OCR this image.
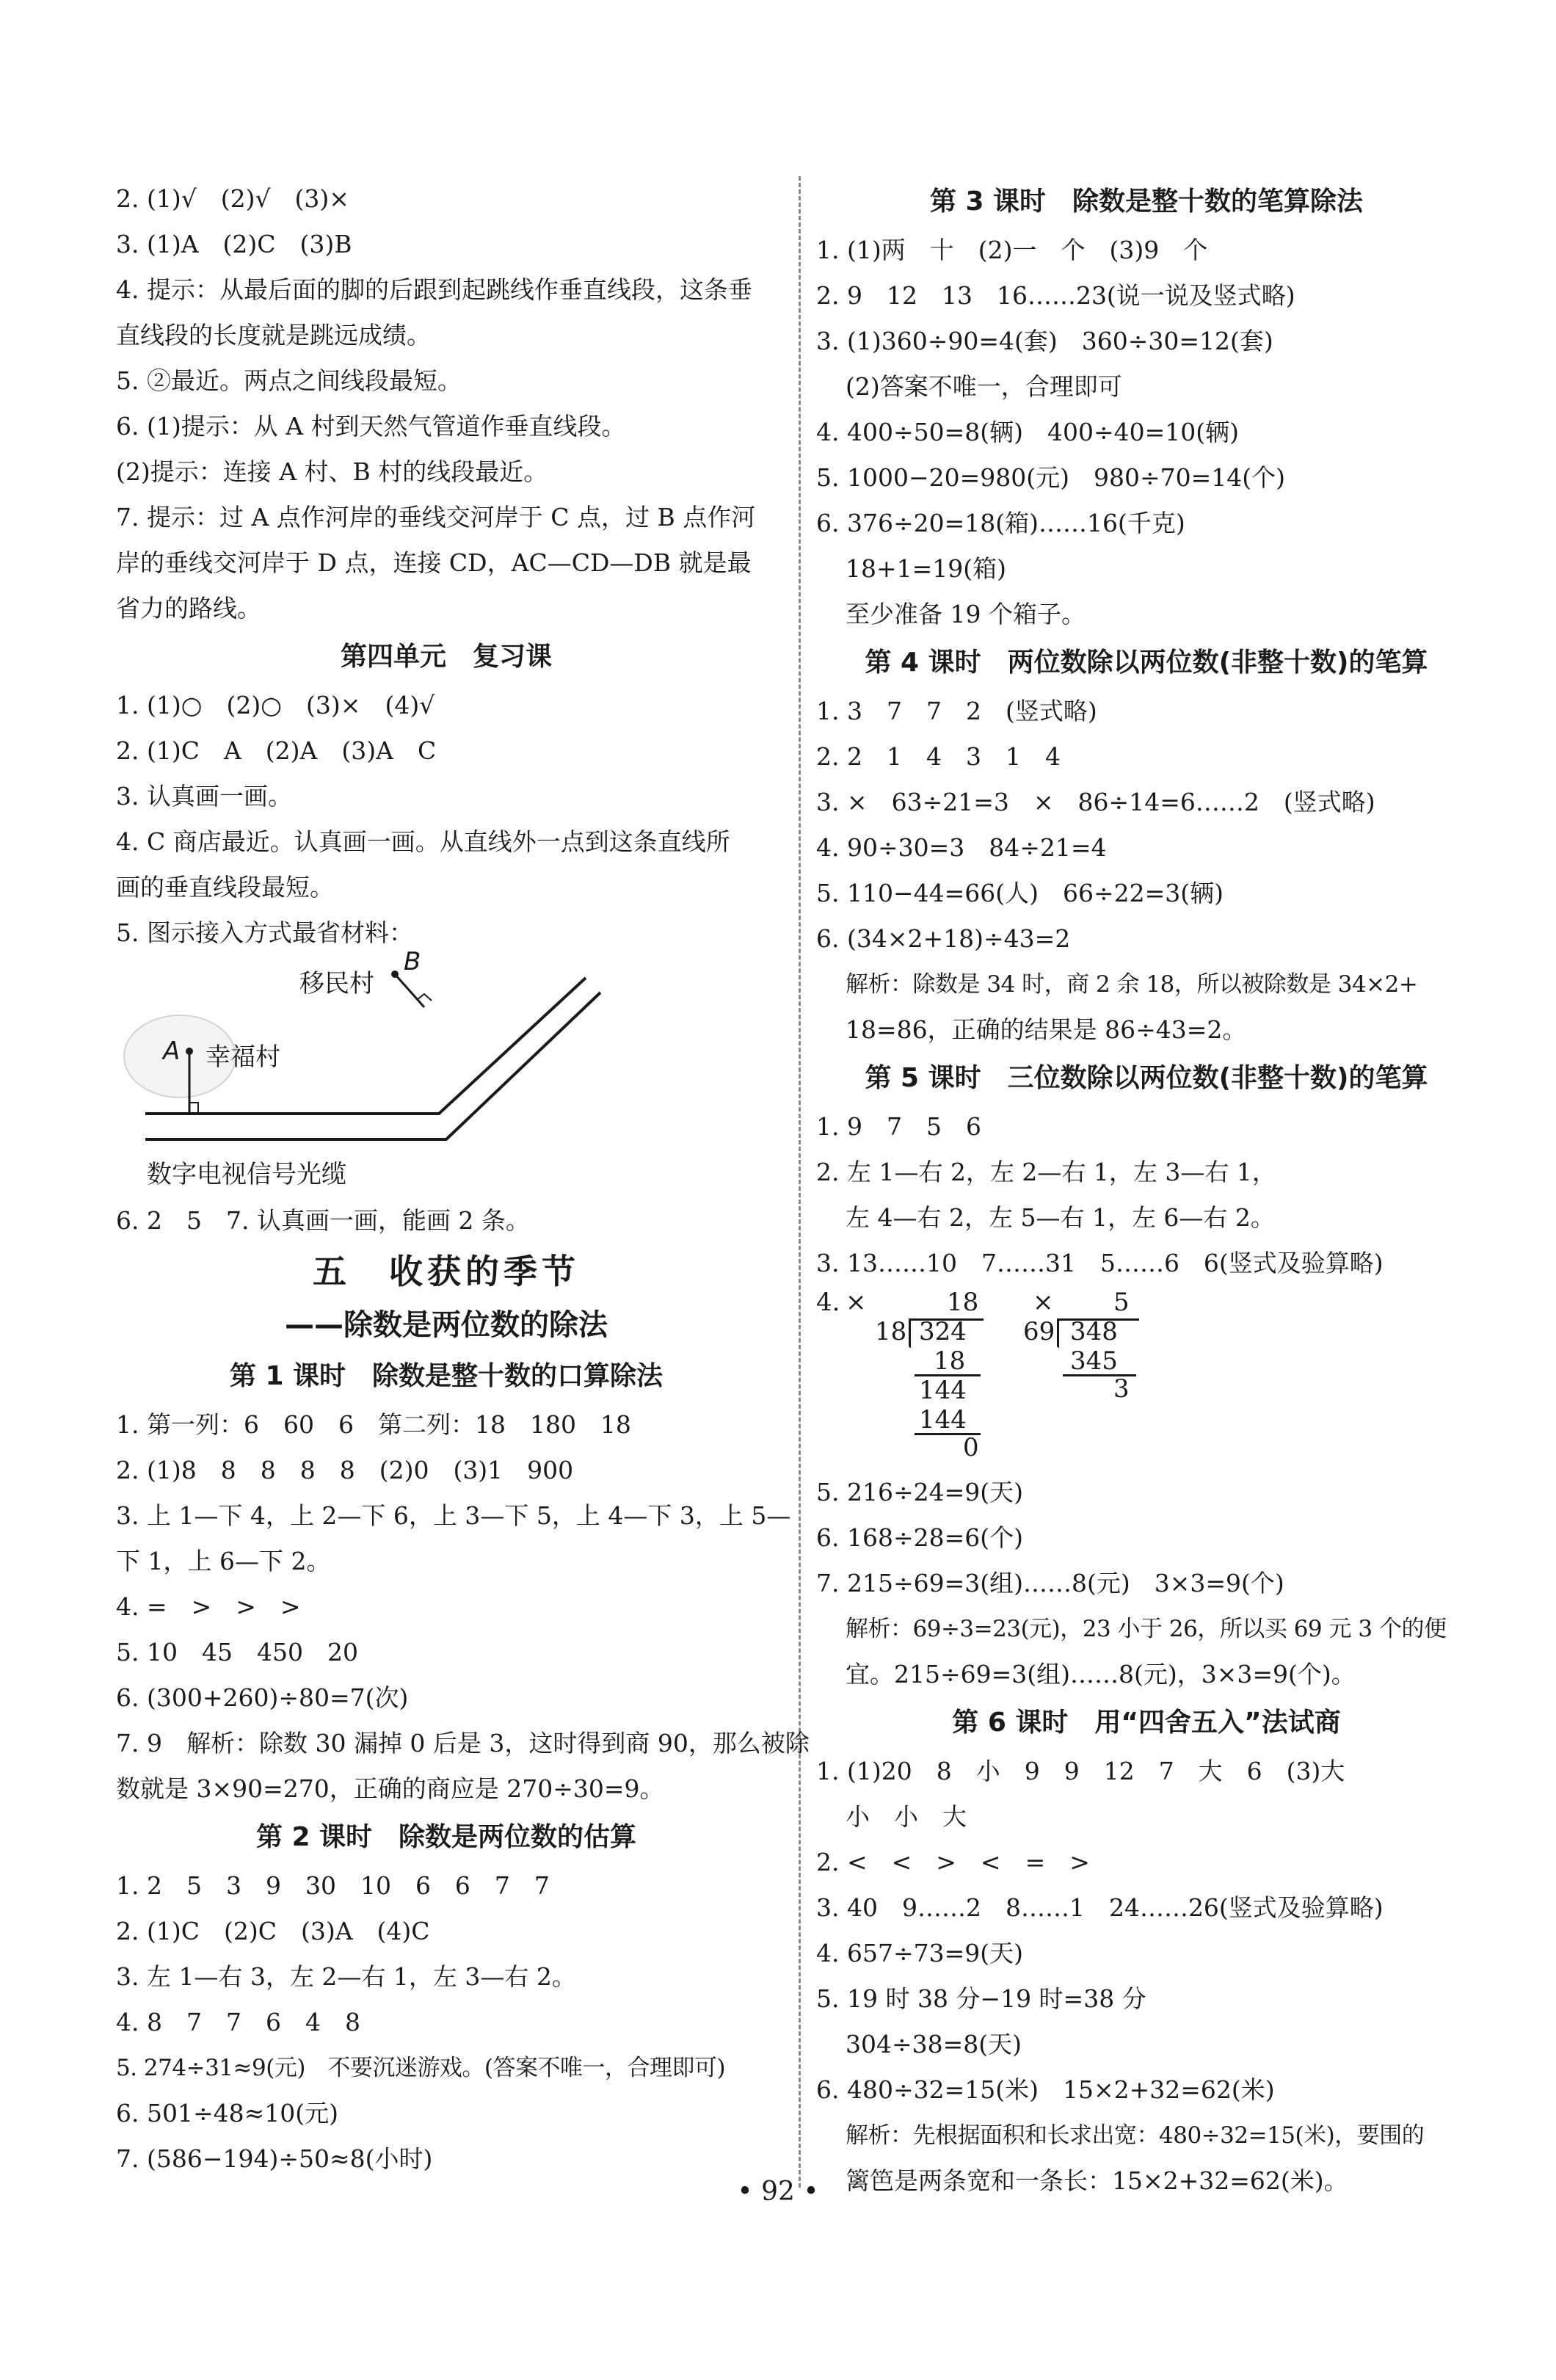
2. (1)√　(2)√　(3)×
3. (1)A　(2)C　(3)B
4. 提示：从最后面的脚的后跟到起跳线作垂直线段，这条垂
直线段的长度就是跳远成绩。
5. ②最近。两点之间线段最短。
6. (1)提示：从 A 村到天然气管道作垂直线段。
(2)提示：连接 A 村、B 村的线段最近。
7. 提示：过 A 点作河岸的垂线交河岸于 C 点，过 B 点作河
岸的垂线交河岸于 D 点，连接 CD，AC—CD—DB 就是最
省力的路线。
第四单元　复习课
1. (1)○　(2)○　(3)×　(4)√
2. (1)C　A　(2)A　(3)A　C
3. 认真画一画。
4. C 商店最近。认真画一画。从直线外一点到这条直线所
画的垂直线段最短。
5. 图示接入方式最省材料：
B
移民村
A 幸福村
数字电视信号光缆
6. 2　5　7. 认真画一画，能画 2 条。
五　收获的季节
——除数是两位数的除法
第 1 课时　除数是整十数的口算除法
1. 第一列：6　60　6　第二列：18　180　18
2. (1)8　8　8　8　8　(2)0　(3)1　900
3. 上 1—下 4，上 2—下 6，上 3—下 5，上 4—下 3，上 5—
下 1，上 6—下 2。
4. =　>　>　>
5. 10　45　450　20
6. (300+260)÷80=7(次)
7. 9　解析：除数 30 漏掉 0 后是 3，这时得到商 90，那么被除
数就是 3×90=270，正确的商应是 270÷30=9。
第 2 课时　除数是两位数的估算
1. 2　5　3　9　30　10　6　6　7　7
2. (1)C　(2)C　(3)A　(4)C
3. 左 1—右 3，左 2—右 1，左 3—右 2。
4. 8　7　7　6　4　8
5. 274÷31≈9(元)　不要沉迷游戏。(答案不唯一，合理即可)
6. 501÷48≈10(元)
7. (586−194)÷50≈8(小时)
第 3 课时　除数是整十数的笔算除法
1. (1)两　十　(2)一　个　(3)9　个
2. 9　12　13　16……23(说一说及竖式略)
3. (1)360÷90=4(套)　360÷30=12(套)
(2)答案不唯一，合理即可
4. 400÷50=8(辆)　400÷40=10(辆)
5. 1000−20=980(元)　980÷70=14(个)
6. 376÷20=18(箱)……16(千克)
18+1=19(箱)
至少准备 19 个箱子。
第 4 课时　两位数除以两位数(非整十数)的笔算
1. 3　7　7　2　(竖式略)
2. 2　1　4　3　1　4
3. ×　63÷21=3　×　86÷14=6……2　(竖式略)
4. 90÷30=3　84÷21=4
5. 110−44=66(人)　66÷22=3(辆)
6. (34×2+18)÷43=2
解析：除数是 34 时，商 2 余 18，所以被除数是 34×2+
18=86，正确的结果是 86÷43=2。
第 5 课时　三位数除以两位数(非整十数)的笔算
1. 9　7　5　6
2. 左 1—右 2，左 2—右 1，左 3—右 1，
左 4—右 2，左 5—右 1，左 6—右 2。
3. 13……10　7……31　5……6　6(竖式及验算略)
4. ×	18
18 324
18
144
144
0
× 5
69 348
345
3
5. 216÷24=9(天)
6. 168÷28=6(个)
7. 215÷69=3(组)……8(元)　3×3=9(个)
解析：69÷3=23(元)，23 小于 26，所以买 69 元 3 个的便
宜。215÷69=3(组)……8(元)，3×3=9(个)。
第 6 课时　用“四舍五入”法试商
1. (1)20　8　小　9　9　12　7　大　6　(3)大
小　小　大
2. <　<　>　<　=　>
3. 40　9……2　8……1　24……26(竖式及验算略)
4. 657÷73=9(天)
5. 19 时 38 分−19 时=38 分
304÷38=8(天)
6. 480÷32=15(米)　15×2+32=62(米)
解析：先根据面积和长求出宽：480÷32=15(米)，要围的
篱笆是两条宽和一条长：15×2+32=62(米)。
• 92 •
